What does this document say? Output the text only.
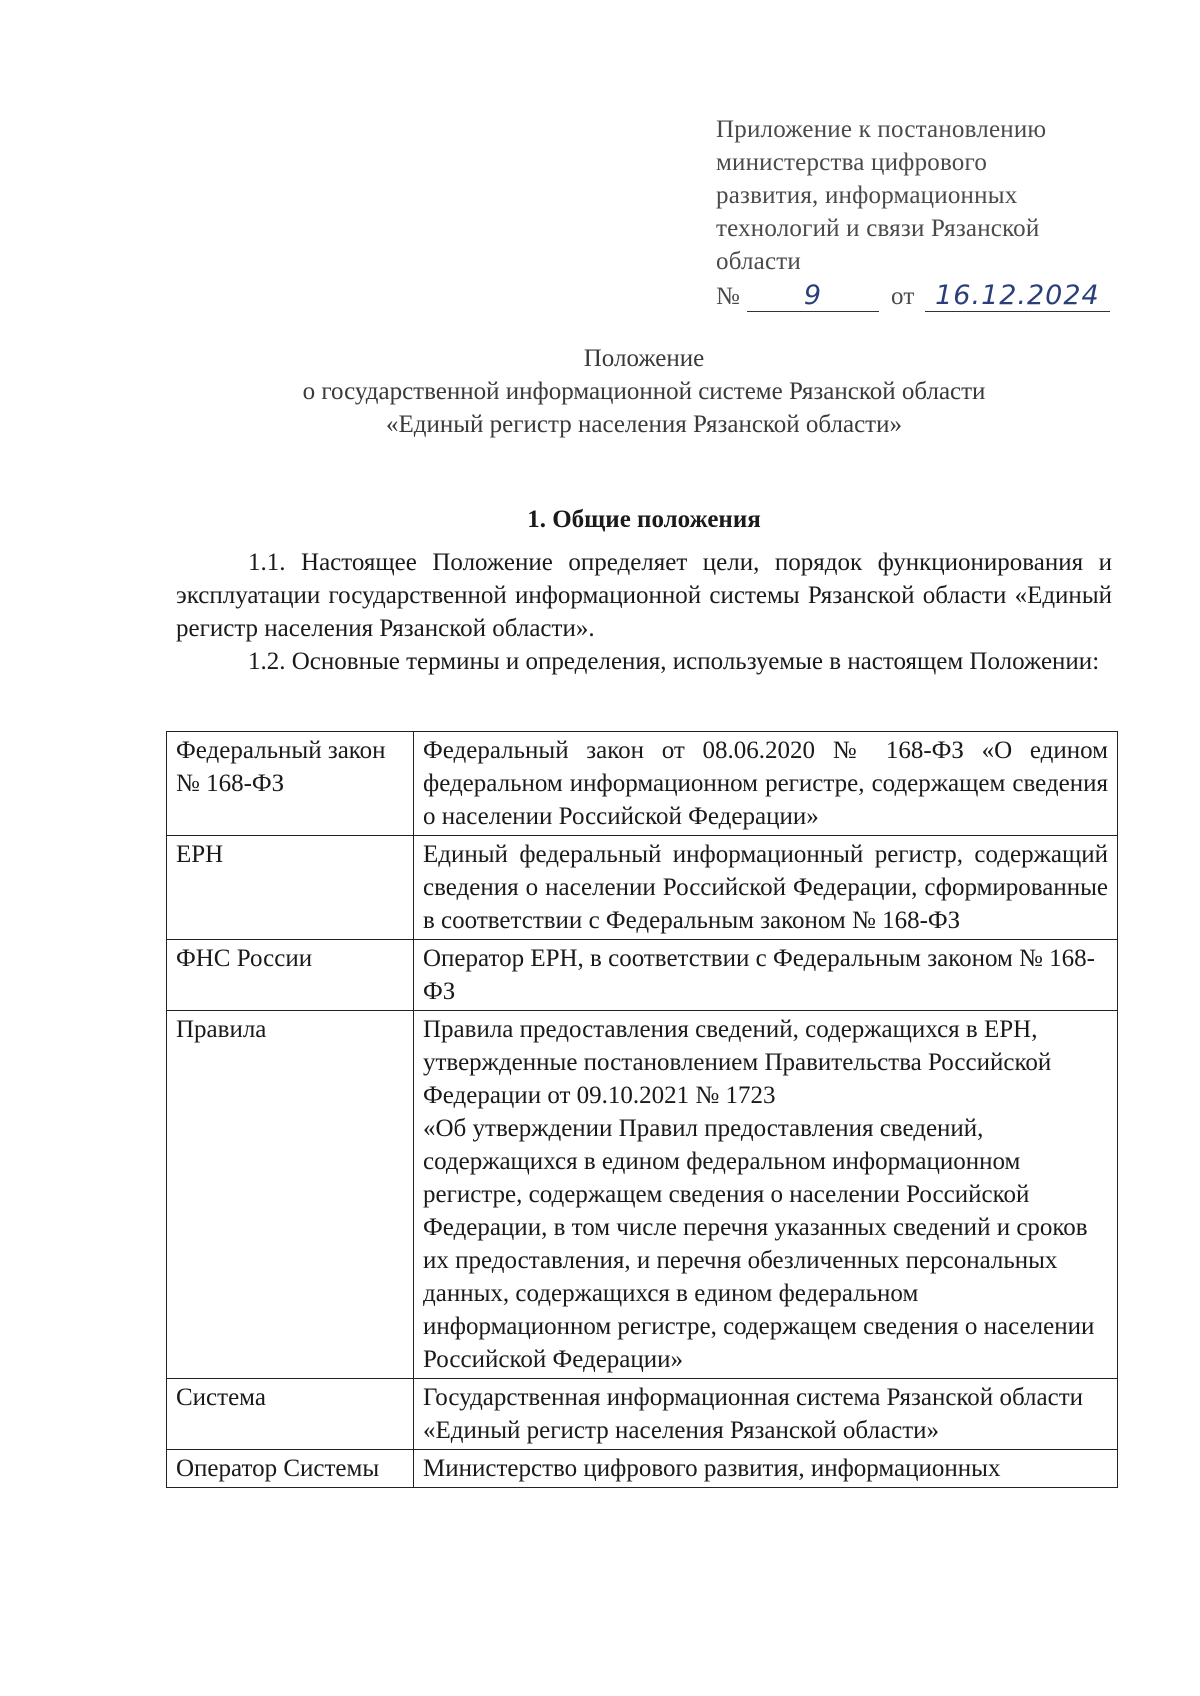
Приложение к постановлению
министерства цифрового
развития, информационных
технологий и связи Рязанской
области
№ 9	от 16.12.2024
Положение
о государственной информационной системе Рязанской области
«Единый регистр населения Рязанской области»
1. Общие положения
1.1. Настоящее Положение определяет цели, порядок функционирования и эксплуатации государственной информационной системы Рязанской области «Единый регистр населения Рязанской области».
1.2. Основные термины и определения, используемые в настоящем Положении:
Федеральный закон № 168-ФЗ	Федеральный закон от 08.06.2020 № 168-ФЗ «О едином федеральном информационном регистре, содержащем сведения о населении Российской Федерации»
ЕРН	Единый федеральный информационный регистр, содержащий сведения о населении Российской Федерации, сформированные в соответствии с Федеральным законом № 168-ФЗ
ФНС России	Оператор ЕРН, в соответствии с Федеральным законом № 168-ФЗ
Правила	Правила предоставления сведений, содержащихся в ЕРН, утвержденные постановлением Правительства Российской Федерации от 09.10.2021 № 1723
«Об утверждении Правил предоставления сведений, содержащихся в едином федеральном информационном регистре, содержащем сведения о населении Российской Федерации, в том числе перечня указанных сведений и сроков их предоставления, и перечня обезличенных персональных данных, содержащихся в едином федеральном информационном регистре, содержащем сведения о населении Российской Федерации»

Система	Государственная информационная система Рязанской области «Единый регистр населения Рязанской области»
Оператор Системы	Министерство цифрового развития, информационных
